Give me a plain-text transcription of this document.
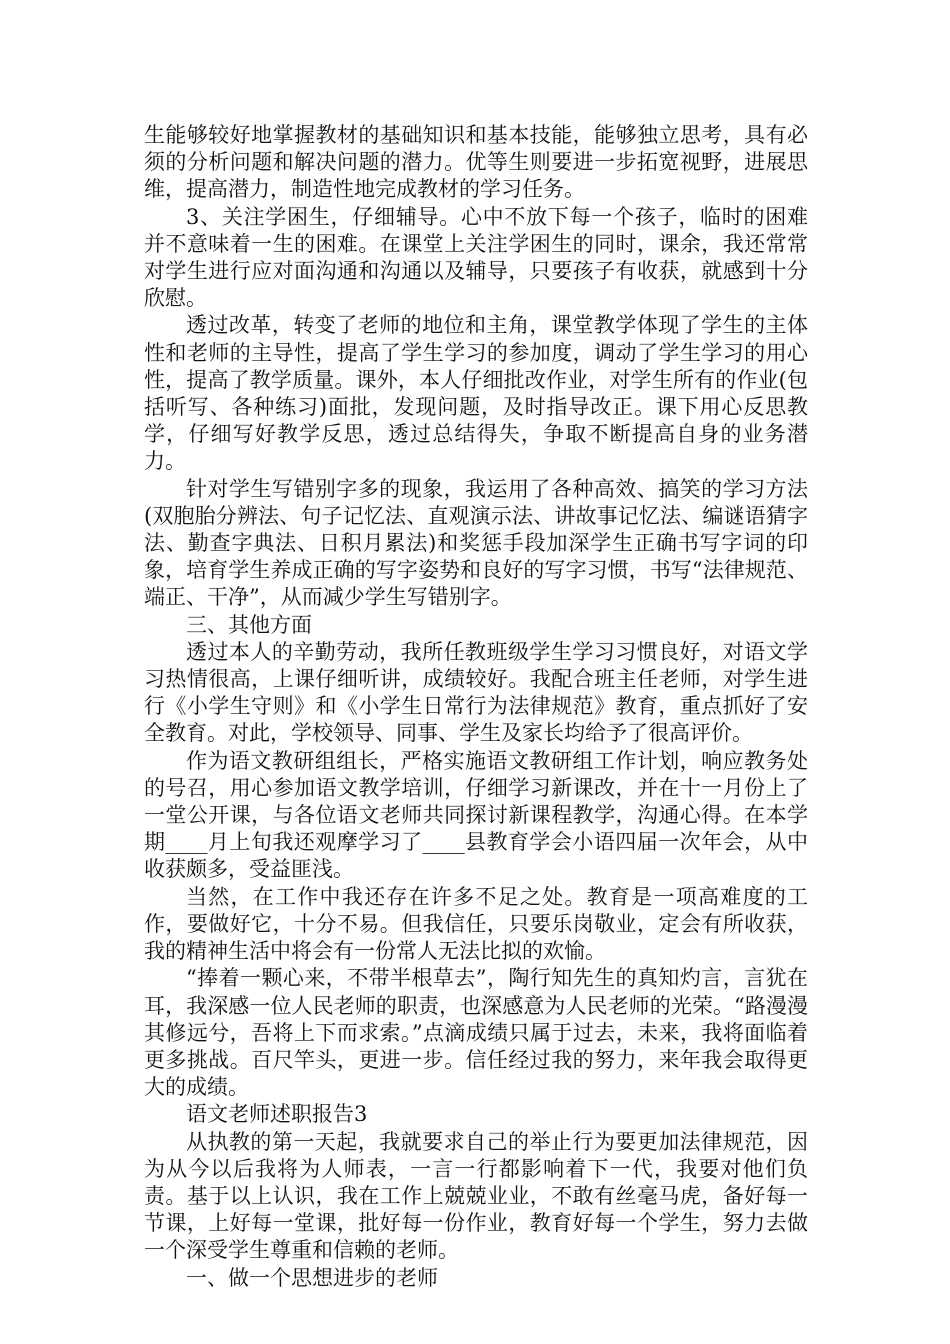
生能够较好地掌握教材的基础知识和基本技能，能够独立思考，具有必须的分析问题和解决问题的潜力。优等生则要进一步拓宽视野，进展思维，提高潜力，制造性地完成教材的学习任务。

3、关注学困生，仔细辅导。心中不放下每一个孩子，临时的困难并不意味着一生的困难。在课堂上关注学困生的同时，课余，我还常常对学生进行应对面沟通和沟通以及辅导，只要孩子有收获，就感到十分欣慰。

透过改革，转变了老师的地位和主角，课堂教学体现了学生的主体性和老师的主导性，提高了学生学习的参加度，调动了学生学习的用心性，提高了教学质量。课外，本人仔细批改作业，对学生所有的作业(包括听写、各种练习)面批，发现问题，及时指导改正。课下用心反思教学，仔细写好教学反思，透过总结得失，争取不断提高自身的业务潜力。

针对学生写错别字多的现象，我运用了各种高效、搞笑的学习方法(双胞胎分辨法、句子记忆法、直观演示法、讲故事记忆法、编谜语猜字法、勤查字典法、日积月累法)和奖惩手段加深学生正确书写字词的印象，培育学生养成正确的写字姿势和良好的写字习惯，书写“法律规范、端正、干净”，从而减少学生写错别字。

三、其他方面

透过本人的辛勤劳动，我所任教班级学生学习习惯良好，对语文学习热情很高，上课仔细听讲，成绩较好。我配合班主任老师，对学生进行《小学生守则》和《小学生日常行为法律规范》教育，重点抓好了安全教育。对此，学校领导、同事、学生及家长均给予了很高评价。

作为语文教研组组长，严格实施语文教研组工作计划，响应教务处的号召，用心参加语文教学培训，仔细学习新课改，并在十一月份上了一堂公开课，与各位语文老师共同探讨新课程教学，沟通心得。在本学期____月上旬我还观摩学习了____县教育学会小语四届一次年会，从中收获颇多，受益匪浅。

当然，在工作中我还存在许多不足之处。教育是一项高难度的工作，要做好它，十分不易。但我信任，只要乐岗敬业，定会有所收获，我的精神生活中将会有一份常人无法比拟的欢愉。

“捧着一颗心来，不带半根草去”，陶行知先生的真知灼言，言犹在耳，我深感一位人民老师的职责，也深感意为人民老师的光荣。“路漫漫其修远兮，吾将上下而求索。”点滴成绩只属于过去，未来，我将面临着更多挑战。百尺竿头，更进一步。信任经过我的努力，来年我会取得更大的成绩。

语文老师述职报告3

从执教的第一天起，我就要求自己的举止行为要更加法律规范，因为从今以后我将为人师表，一言一行都影响着下一代，我要对他们负责。基于以上认识，我在工作上兢兢业业，不敢有丝毫马虎，备好每一节课，上好每一堂课，批好每一份作业，教育好每一个学生，努力去做一个深受学生尊重和信赖的老师。

一、做一个思想进步的老师
